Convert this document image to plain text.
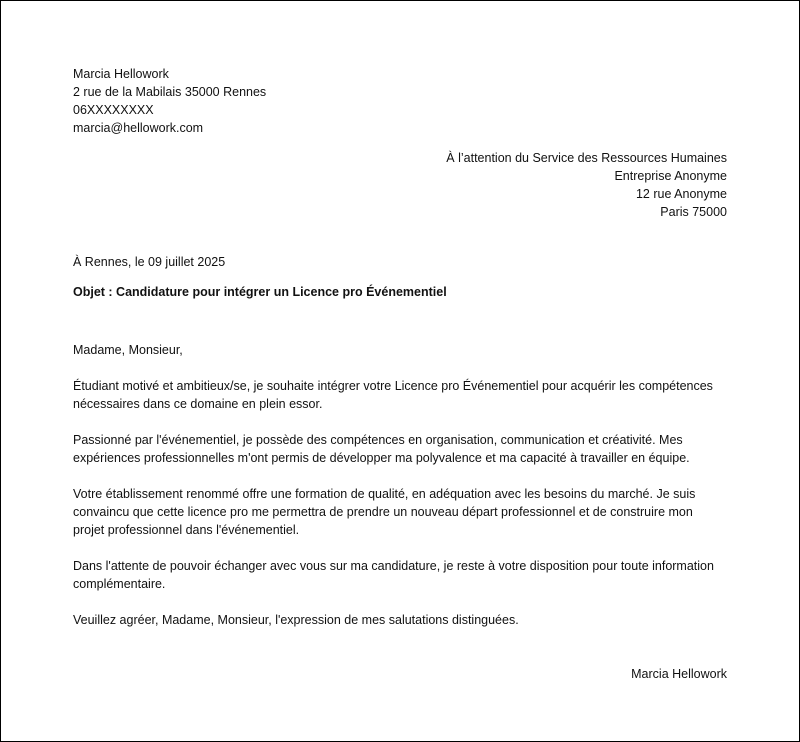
Marcia Hellowork
2 rue de la Mabilais 35000 Rennes
06XXXXXXXX
marcia@hellowork.com
À l’attention du Service des Ressources Humaines
Entreprise Anonyme
12 rue Anonyme
Paris 75000
À Rennes, le 09 juillet 2025
Objet : Candidature pour intégrer un Licence pro Événementiel
Madame, Monsieur,
Étudiant motivé et ambitieux/se, je souhaite intégrer votre Licence pro Événementiel pour acquérir les compétences nécessaires dans ce domaine en plein essor.
Passionné par l'événementiel, je possède des compétences en organisation, communication et créativité. Mes expériences professionnelles m'ont permis de développer ma polyvalence et ma capacité à travailler en équipe.
Votre établissement renommé offre une formation de qualité, en adéquation avec les besoins du marché. Je suis convaincu que cette licence pro me permettra de prendre un nouveau départ professionnel et de construire mon projet professionnel dans l'événementiel.
Dans l'attente de pouvoir échanger avec vous sur ma candidature, je reste à votre disposition pour toute information complémentaire.
Veuillez agréer, Madame, Monsieur, l'expression de mes salutations distinguées.
Marcia Hellowork
